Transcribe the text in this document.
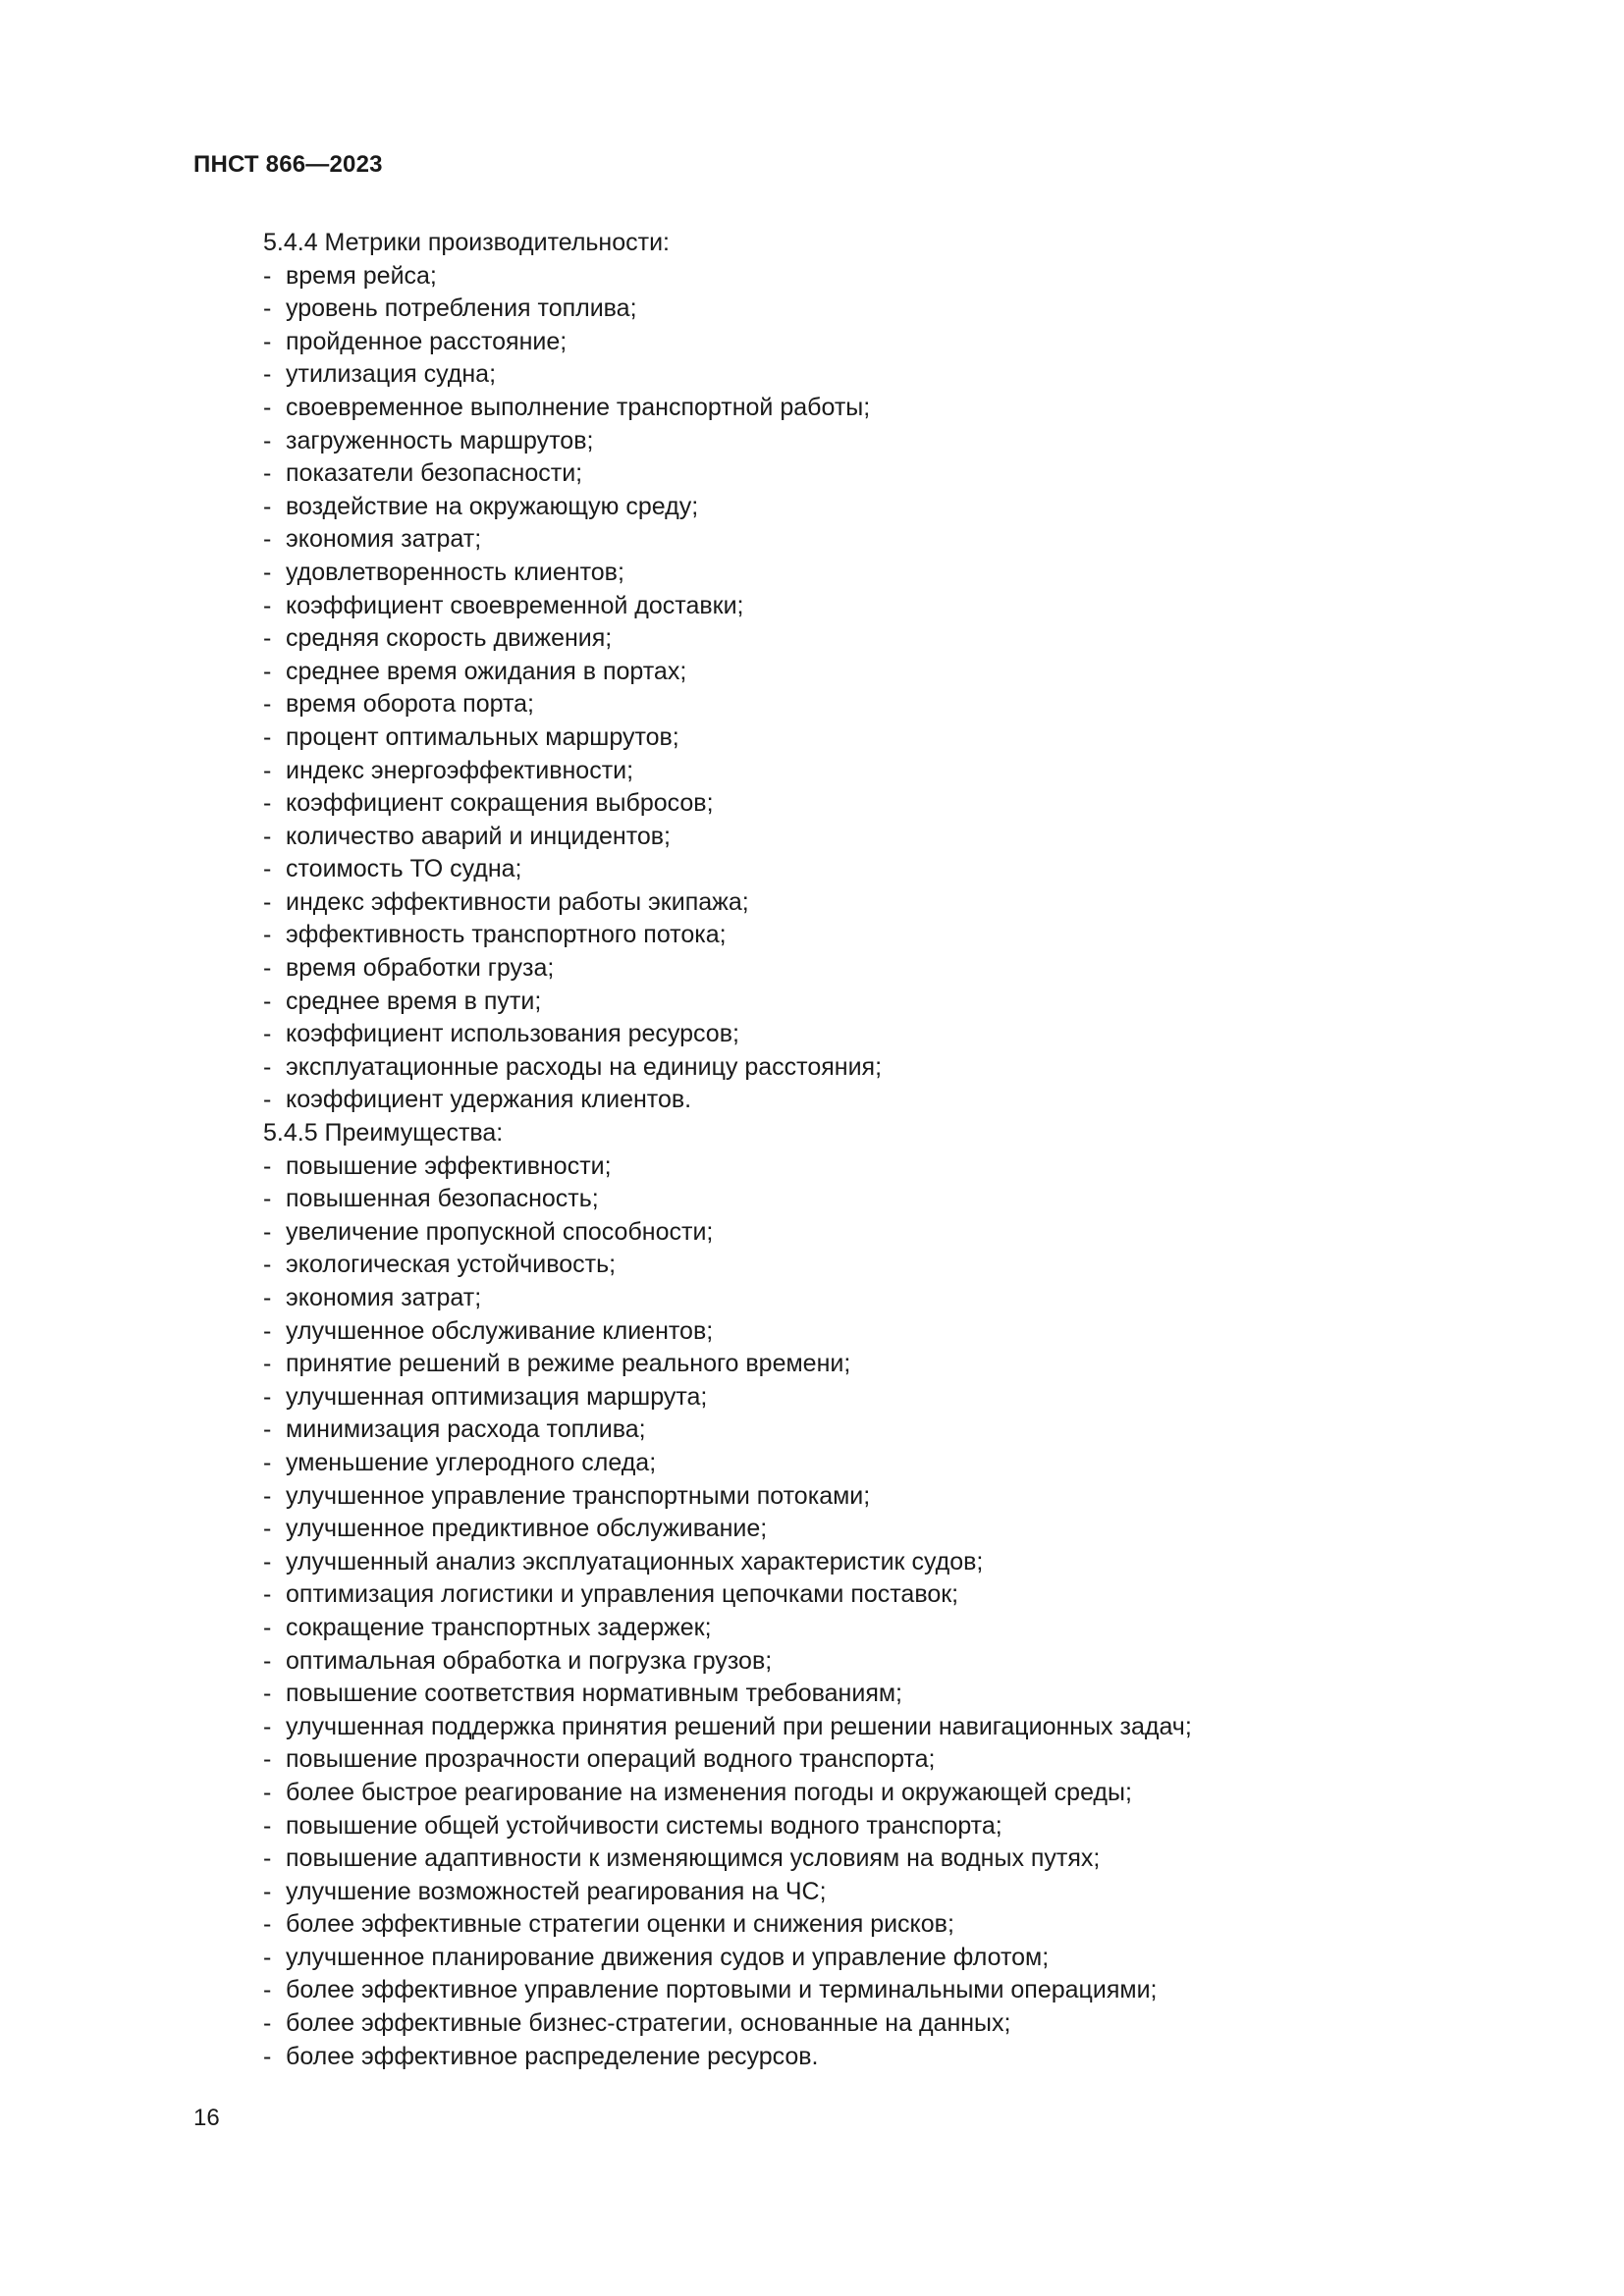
ПНСТ 866—2023

5.4.4 Метрики производительности:

- время рейса;
- уровень потребления топлива;
- пройденное расстояние;
- утилизация судна;
- своевременное выполнение транспортной работы;
- загруженность маршрутов;
- показатели безопасности;
- воздействие на окружающую среду;
- экономия затрат;
- удовлетворенность клиентов;
- коэффициент своевременной доставки;
- средняя скорость движения;
- среднее время ожидания в портах;
- время оборота порта;
- процент оптимальных маршрутов;
- индекс энергоэффективности;
- коэффициент сокращения выбросов;
- количество аварий и инцидентов;
- стоимость ТО судна;
- индекс эффективности работы экипажа;
- эффективность транспортного потока;
- время обработки груза;
- среднее время в пути;
- коэффициент использования ресурсов;
- эксплуатационные расходы на единицу расстояния;
- коэффициент удержания клиентов.

5.4.5 Преимущества:

- повышение эффективности;
- повышенная безопасность;
- увеличение пропускной способности;
- экологическая устойчивость;
- экономия затрат;
- улучшенное обслуживание клиентов;
- принятие решений в режиме реального времени;
- улучшенная оптимизация маршрута;
- минимизация расхода топлива;
- уменьшение углеродного следа;
- улучшенное управление транспортными потоками;
- улучшенное предиктивное обслуживание;
- улучшенный анализ эксплуатационных характеристик судов;
- оптимизация логистики и управления цепочками поставок;
- сокращение транспортных задержек;
- оптимальная обработка и погрузка грузов;
- повышение соответствия нормативным требованиям;
- улучшенная поддержка принятия решений при решении навигационных задач;
- повышение прозрачности операций водного транспорта;
- более быстрое реагирование на изменения погоды и окружающей среды;
- повышение общей устойчивости системы водного транспорта;
- повышение адаптивности к изменяющимся условиям на водных путях;
- улучшение возможностей реагирования на ЧС;
- более эффективные стратегии оценки и снижения рисков;
- улучшенное планирование движения судов и управление флотом;
- более эффективное управление портовыми и терминальными операциями;
- более эффективные бизнес-стратегии, основанные на данных;
- более эффективное распределение ресурсов.
16
